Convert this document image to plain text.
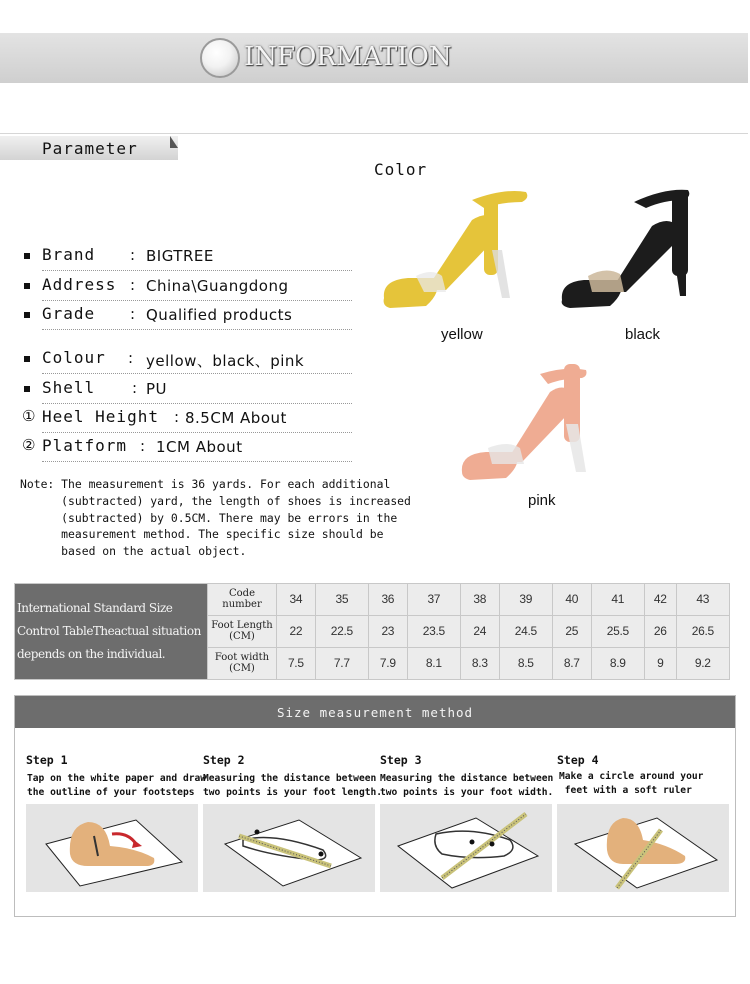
INFORMATION
Parameter
Brand : BIGTREE
Address : China\Guangdong
Grade : Qualified products
Colour : yellow、black、pink
Shell : PU
① Heel Height : 8.5CM About
② Platform : 1CM About
Note: The measurement is 36 yards. For each additional
(subtracted) yard, the length of shoes is increased
(subtracted) by 0.5CM. There may be errors in the
measurement method. The specific size should be
based on the actual object.
Color
yellow	black
pink
International Standard Size
Control TableTheactual situation
depends on the individual.	Code number	34	35	36	37	38	39	40	41	42	43
	Foot Length (CM)	22	22.5	23	23.5	24	24.5	25	25.5	26	26.5
	Foot width (CM)	7.5	7.7	7.9	8.1	8.3	8.5	8.7	8.9	9	9.2
Size measurement method
Step 1
Tap on the white paper and draw
the outline of your footsteps
Step 2
Measuring the distance between
two points is your foot length.
Step 3
Measuring the distance between
two points is your foot width.
Step 4
Make a circle around your
feet with a soft ruler
